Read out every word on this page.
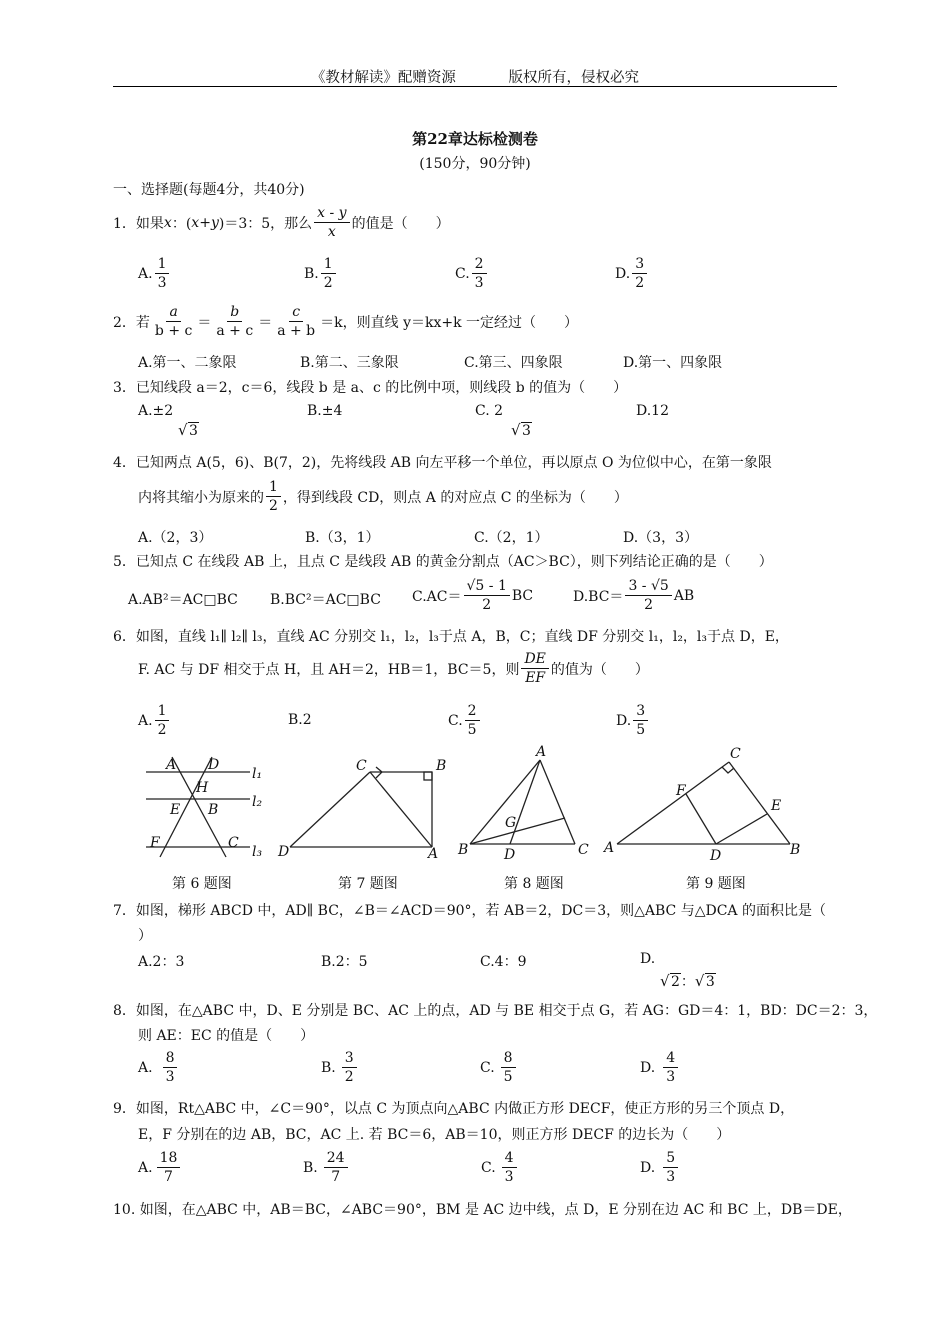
《教材解读》配赠资源	版权所有，侵权必究
第22章达标检测卷
(150分，90分钟)
一、选择题(每题4分，共40分)
1．如果 x ：( x + y )＝3：5，那么 $\frac{x - y}{x}$ 的值是（　　）
A. $\frac{1}{3}$	B. $\frac{1}{2}$	C. $\frac{2}{3}$	D. $\frac{3}{2}$
2．若 $\frac{a}{b + c} = \frac{b}{a + c} = \frac{c}{a + b} =k$，则直线 y＝kx+k 一定经过（　　）
A.第一、二象限	B.第二、三象限	C.第三、四象限	D.第一、四象限
3．已知线段 a＝2，c＝6，线段 b 是 a、c 的比例中项，则线段 b 的值为（　　）
A.±2

√ 3
B.±4	C. 2

√ 3
D.12
4．已知两点 A(5，6)、B(7，2)，先将线段 AB 向左平移一个单位，再以原点 O 为位似中心，在第一象限
内将其缩小为原来的 $\frac{1}{2}$ ，得到线段 CD，则点 A 的对应点 C 的坐标为（　　）
A.（2，3）	B.（3，1）	C.（2，1）	D.（3，3）
5．已知点 C 在线段 AB 上，且点 C 是线段 AB 的黄金分割点（AC＞BC），则下列结论正确的是（　　）
A.AB²＝AC□BC B.BC²＝AC□BC $C.AC= \frac{√5 - 1}{2}$ BC	$D.BC= \frac{3 - √5}{2}$ AB
6．如图，直线 l₁∥ l₂∥ l₃，直线 AC 分别交 l₁，l₂，l₃于点 A，B，C；直线 DF 分别交 l₁，l₂，l₃于点 D，E，
F. AC 与 DF 相交于点 H，且 AH＝2，HB＝1，BC＝5，则 $\frac{DE}{EF}$ 的值为（　　）
A. $\frac{1}{2}$	B.2	C. $\frac{2}{5}$	D. $\frac{3}{5}$
A D
H
E B
F	C
l₁
l₂
l₃
C	B
D	A
A
G
B	D	C
C
F
E
A	D	B
第 6 题图	第 7 题图	第 8 题图	第 9 题图
7．如图，梯形 ABCD 中，AD∥ BC，∠B＝∠ACD＝90°，若 AB＝2，DC＝3，则△ABC 与△DCA 的面积比是（
）
A.2：3	B.2：5	C.4：9	D.

√ 2： √ 3
8．如图，在△ABC 中，D、E 分别是 BC、AC 上的点，AD 与 BE 相交于点 G，若 AG：GD＝4：1，BD：DC＝2：3，
则 AE：EC 的值是（　　）
A. $\frac{8}{3}$	B. $\frac{3}{2}$	C. $\frac{8}{5}$	D. $\frac{4}{3}$
9．如图，Rt△ABC 中，∠C＝90°，以点 C 为顶点向△ABC 内做正方形 DECF，使正方形的另三个顶点 D，
E，F 分别在的边 AB，BC，AC 上. 若 BC＝6，AB＝10，则正方形 DECF 的边长为（　　）
A. $\frac{18}{7}$	B. $\frac{24}{7}$	C. $\frac{4}{3}$	D. $\frac{5}{3}$
10. 如图，在△ABC 中，AB＝BC，∠ABC＝90°，BM 是 AC 边中线，点 D，E 分别在边 AC 和 BC 上，DB＝DE，
